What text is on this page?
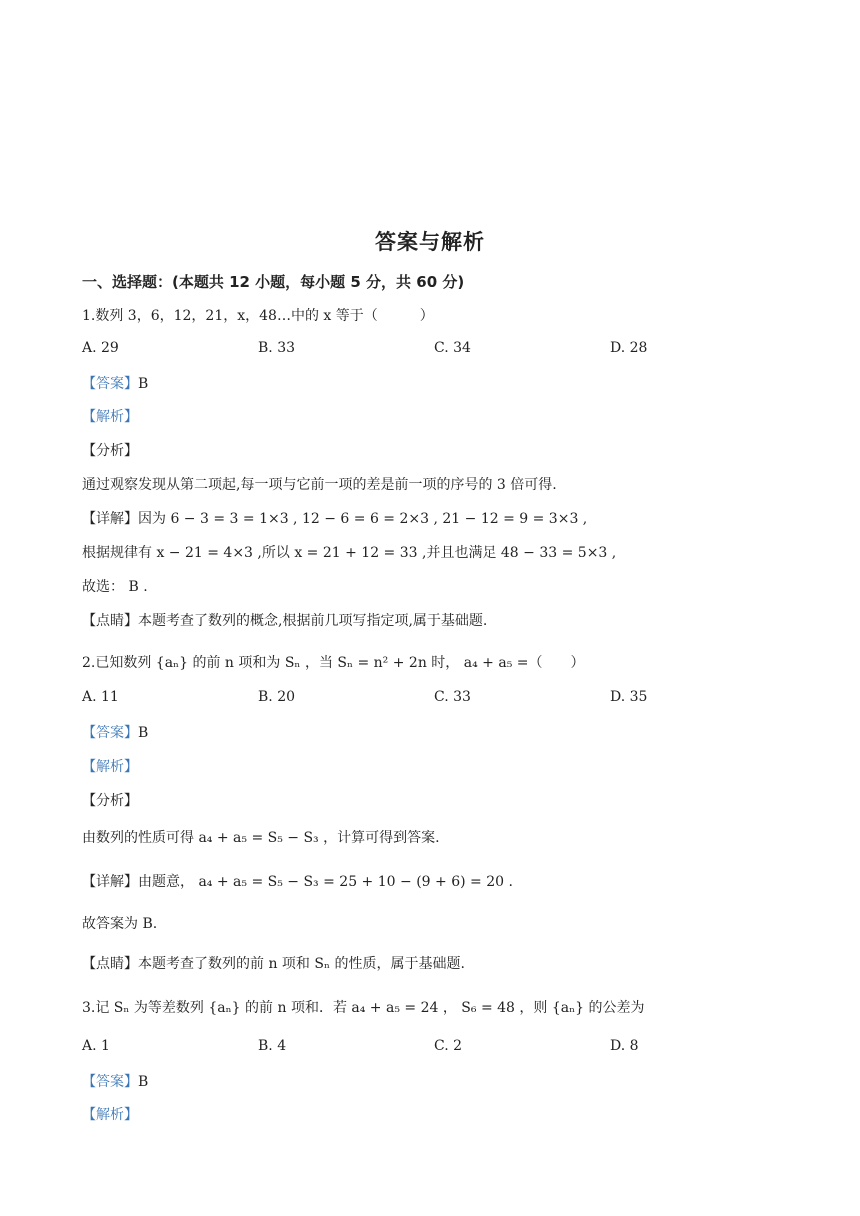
答案与解析
一、选择题：(本题共 12 小题，每小题 5 分，共 60 分)
1.数列 3，6，12，21，x，48…中的 x 等于（　　　）
A. 29	B. 33	C. 34	D. 28
【答案】B
【解析】
【分析】
通过观察发现从第二项起,每一项与它前一项的差是前一项的序号的 3 倍可得.
【详解】因为 6 − 3 = 3 = 1×3 , 12 − 6 = 6 = 2×3 , 21 − 12 = 9 = 3×3 ,
根据规律有 x − 21 = 4×3 ,所以 x = 21 + 12 = 33 ,并且也满足 48 − 33 = 5×3 ,
故选： B .
【点睛】本题考查了数列的概念,根据前几项写指定项,属于基础题.
2.已知数列 {aₙ} 的前 n 项和为 Sₙ ，当 Sₙ = n² + 2n 时， a₄ + a₅ =（　　）
A. 11	B. 20	C. 33	D. 35
【答案】B
【解析】
【分析】
由数列的性质可得 a₄ + a₅ = S₅ − S₃ ，计算可得到答案.
【详解】由题意， a₄ + a₅ = S₅ − S₃ = 25 + 10 − (9 + 6) = 20 .
故答案为 B.
【点睛】本题考查了数列的前 n 项和 Sₙ 的性质，属于基础题.
3.记 Sₙ 为等差数列 {aₙ} 的前 n 项和．若 a₄ + a₅ = 24 ， S₆ = 48 ，则 {aₙ} 的公差为
A. 1	B. 4	C. 2	D. 8
【答案】B
【解析】
